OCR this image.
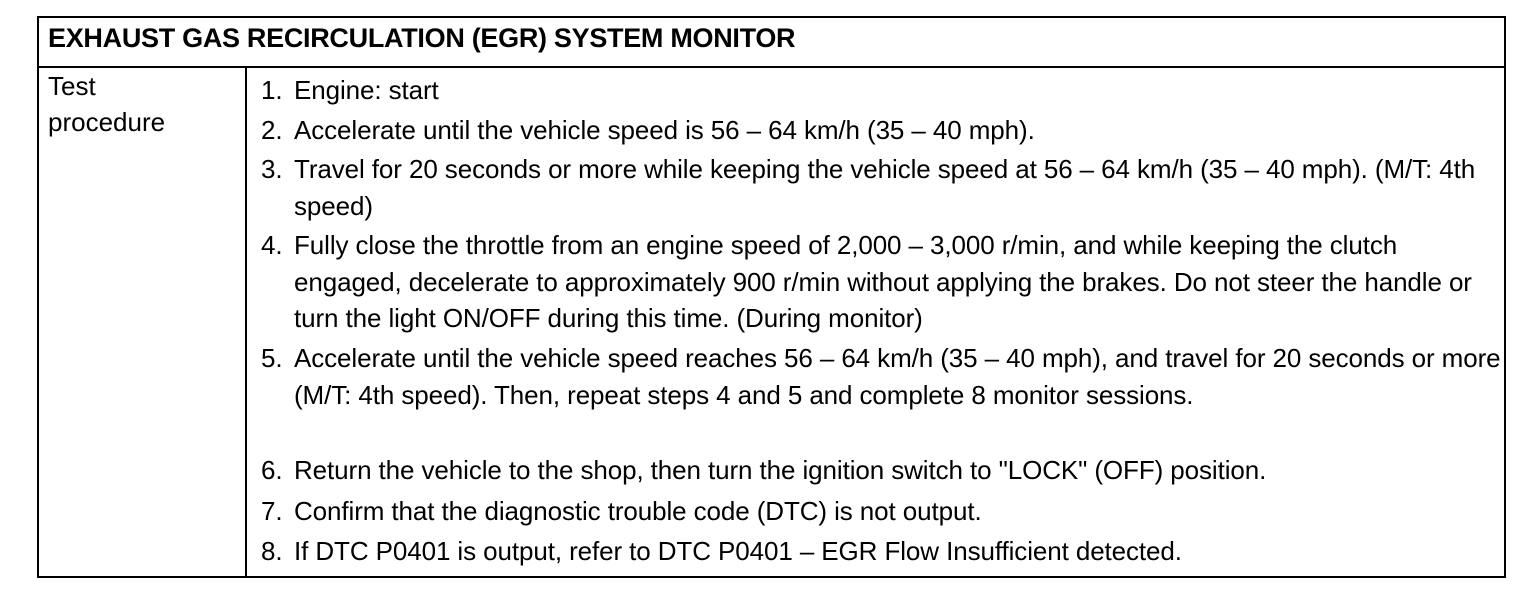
EXHAUST GAS RECIRCULATION (EGR) SYSTEM MONITOR
Test
procedure
1. Engine: start
2. Accelerate until the vehicle speed is 56 – 64 km/h (35 – 40 mph).
3. Travel for 20 seconds or more while keeping the vehicle speed at 56 – 64 km/h (35 – 40 mph). (M/T: 4th speed)
4. Fully close the throttle from an engine speed of 2,000 – 3,000 r/min, and while keeping the clutch engaged, decelerate to approximately 900 r/min without applying the brakes. Do not steer the handle or turn the light ON/OFF during this time. (During monitor)
5. Accelerate until the vehicle speed reaches 56 – 64 km/h (35 – 40 mph), and travel for 20 seconds or more (M/T: 4th speed). Then, repeat steps 4 and 5 and complete 8 monitor sessions.
6. Return the vehicle to the shop, then turn the ignition switch to "LOCK" (OFF) position.
7. Confirm that the diagnostic trouble code (DTC) is not output.
8. If DTC P0401 is output, refer to DTC P0401 – EGR Flow Insufficient detected.
